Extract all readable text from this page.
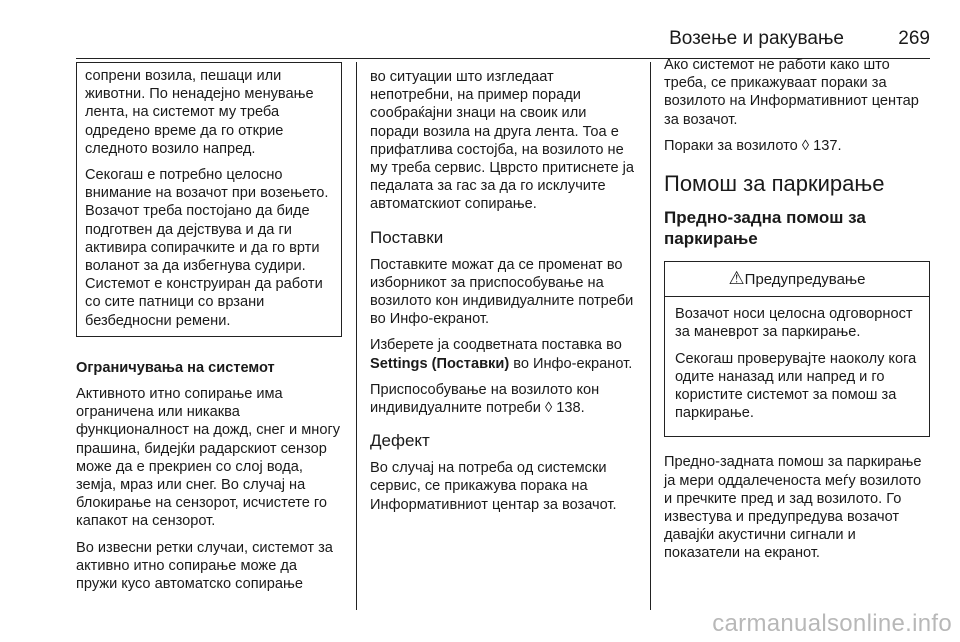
Возење и ракување	269

сопрени возила, пешаци или животни. По ненадејно менување лента, на системот му треба одредено време да го открие следното возило напред.

Секогаш е потребно целосно внимание на возачот при возењето. Возачот треба постојано да биде подготвен да дејствува и да ги активира сопирачките и да го врти воланот за да избегнува судири. Системот е конструиран да работи со сите патници со врзани безбедносни ремени.

Ограничувања на системот

Активното итно сопирање има ограничена или никаква функционалност на дожд, снег и многу прашина, бидејќи радарскиот сензор може да е прекриен со слој вода, земја, мраз или снег. Во случај на блокирање на сензорот, исчистете го капакот на сензорот.

Во извесни ретки случаи, системот за активно итно сопирање може да пружи кусо автоматско сопирање

во ситуации што изгледаат непотребни, на пример поради сообраќајни знаци на своик или поради возила на друга лента. Тоа е прифатлива состојба, на возилото не му треба сервис. Цврсто притиснете ја педалата за гас за да го исклучите автоматскиот сопирање.

Поставки

Поставките можат да се променат во изборникот за приспособување на возилото кон индивидуалните потреби во Инфо-екранот.

Изберете ја соодветната поставка во Settings (Поставки) во Инфо-екранот.

Приспособување на возилото кон индивидуалните потреби ◊ 138.

Дефект

Во случај на потреба од системски сервис, се прикажува порака на Информативниот центар за возачот.

Ако системот не работи како што треба, се прикажуваат пораки за возилото на Информативниот центар за возачот.

Пораки за возилото ◊ 137.

Помош за паркирање
Предно-задна помош за паркирање
⚠Предупредување

Возачот носи целосна одговорност за маневрот за паркирање.

Секогаш проверувајте наоколу кога одите наназад или напред и го користите системот за помош за паркирање.

Предно-задната помош за паркирање ја мери оддалеченоста меѓу возилото и пречките пред и зад возилото. Го известува и предупредува возачот давајќи акустични сигнали и показатели на екранот.

carmanualsonline.info
